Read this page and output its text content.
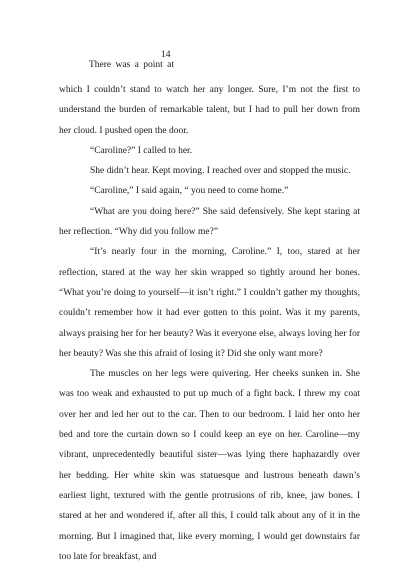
14
There was a point at

which I couldn’t stand to watch her any longer. Sure, I’m not the first to understand the burden of remarkable talent, but I had to pull her down from her cloud. I pushed open the door.

“Caroline?” I called to her.

She didn’t hear. Kept moving. I reached over and stopped the music.

“Caroline,” I said again, “ you need to come home.”

“What are you doing here?” She said defensively. She kept staring at her reflection. “Why did you follow me?”

“It’s nearly four in the morning, Caroline.” I, too, stared at her reflection, stared at the way her skin wrapped so tightly around her bones. “What you’re doing to yourself—it isn’t right.” I couldn’t gather my thoughts, couldn’t remember how it had ever gotten to this point. Was it my parents, always praising her for her beauty? Was it everyone else, always loving her for her beauty? Was she this afraid of losing it? Did she only want more?

The muscles on her legs were quivering. Her cheeks sunken in. She was too weak and exhausted to put up much of a fight back. I threw my coat over her and led her out to the car. Then to our bedroom. I laid her onto her bed and tore the curtain down so I could keep an eye on her. Caroline—my vibrant, unprecedentedly beautiful sister—was lying there haphazardly over her bedding. Her white skin was statuesque and lustrous beneath dawn’s earliest light, textured with the gentle protrusions of rib, knee, jaw bones. I stared at her and wondered if, after all this, I could talk about any of it in the morning. But I imagined that, like every morning, I would get downstairs far too late for breakfast, and
